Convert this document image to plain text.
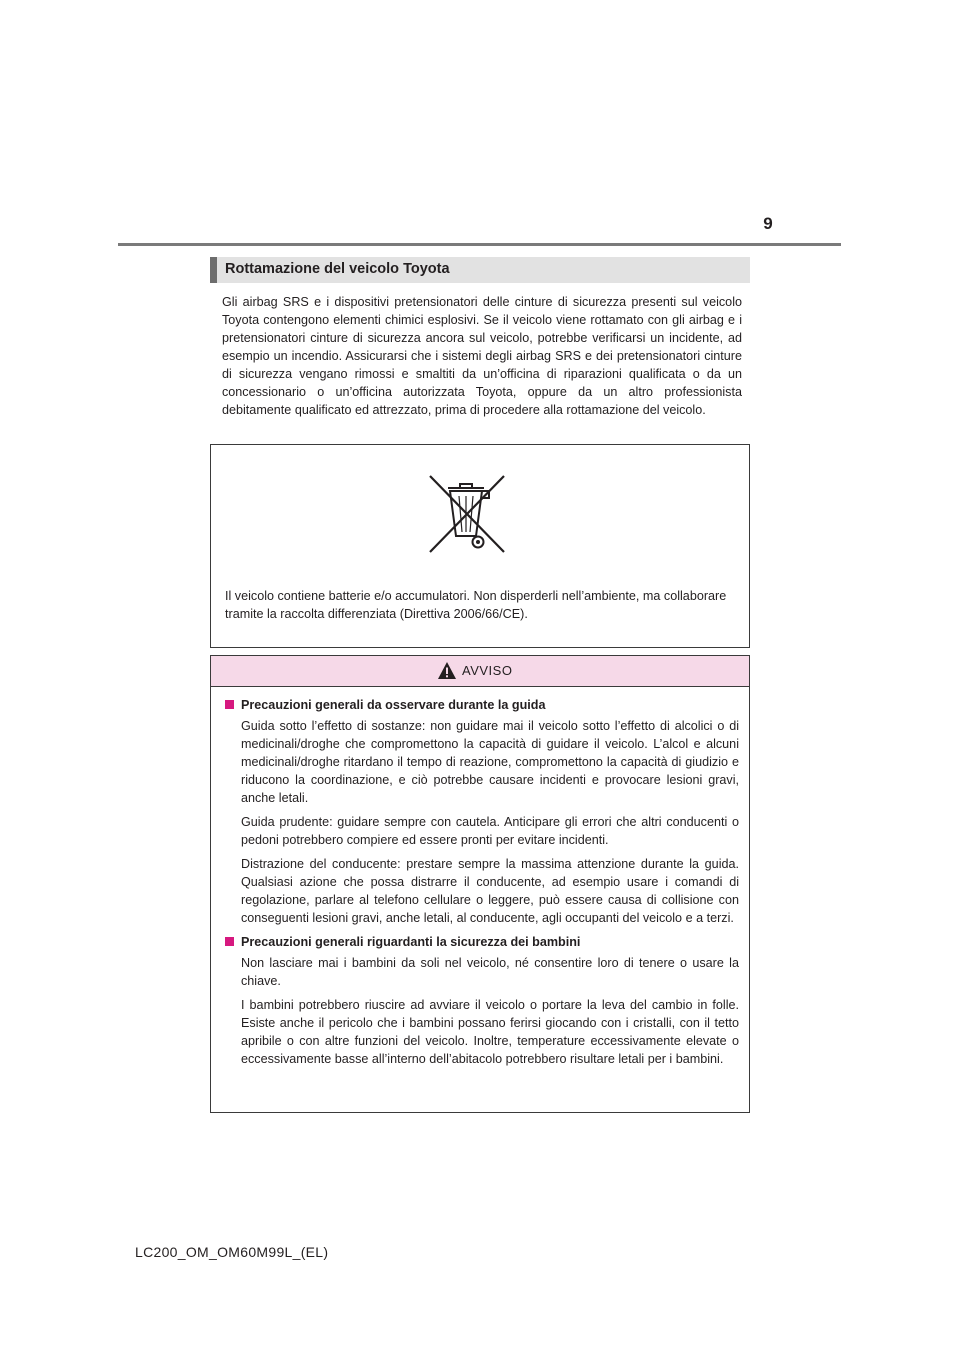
9
Rottamazione del veicolo Toyota

Gli airbag SRS e i dispositivi pretensionatori delle cinture di sicurezza presenti sul veicolo Toyota contengono elementi chimici esplosivi. Se il veicolo viene rottamato con gli airbag e i pretensionatori cinture di sicurezza ancora sul veicolo, potrebbe verificarsi un incidente, ad esempio un incendio. Assicurarsi che i sistemi degli airbag SRS e dei pretensionatori cinture di sicurezza vengano rimossi e smaltiti da un’officina di riparazioni qualificata o da un concessionario o un’officina autorizzata Toyota, oppure da un altro professionista debitamente qualificato ed attrezzato, prima di procedere alla rottamazione del veicolo.

Il veicolo contiene batterie e/o accumulatori. Non disperderli nell’ambiente, ma collaborare tramite la raccolta differenziata (Direttiva 2006/66/CE).

AVVISO
Precauzioni generali da osservare durante la guida

Guida sotto l’effetto di sostanze: non guidare mai il veicolo sotto l’effetto di alcolici o di medicinali/droghe che compromettono la capacità di guidare il veicolo. L’alcol e alcuni medicinali/droghe ritardano il tempo di reazione, compromettono la capacità di giudizio e riducono la coordinazione, e ciò potrebbe causare incidenti e provocare lesioni gravi, anche letali.

Guida prudente: guidare sempre con cautela. Anticipare gli errori che altri conducenti o pedoni potrebbero compiere ed essere pronti per evitare incidenti.

Distrazione del conducente: prestare sempre la massima attenzione durante la guida. Qualsiasi azione che possa distrarre il conducente, ad esempio usare i comandi di regolazione, parlare al telefono cellulare o leggere, può essere causa di collisione con conseguenti lesioni gravi, anche letali, al conducente, agli occupanti del veicolo e a terzi.

Precauzioni generali riguardanti la sicurezza dei bambini

Non lasciare mai i bambini da soli nel veicolo, né consentire loro di tenere o usare la chiave.

I bambini potrebbero riuscire ad avviare il veicolo o portare la leva del cambio in folle. Esiste anche il pericolo che i bambini possano ferirsi giocando con i cristalli, con il tetto apribile o con altre funzioni del veicolo. Inoltre, temperature eccessivamente elevate o eccessivamente basse all’interno dell’abitacolo potrebbero risultare letali per i bambini.

LC200_OM_OM60M99L_(EL)
